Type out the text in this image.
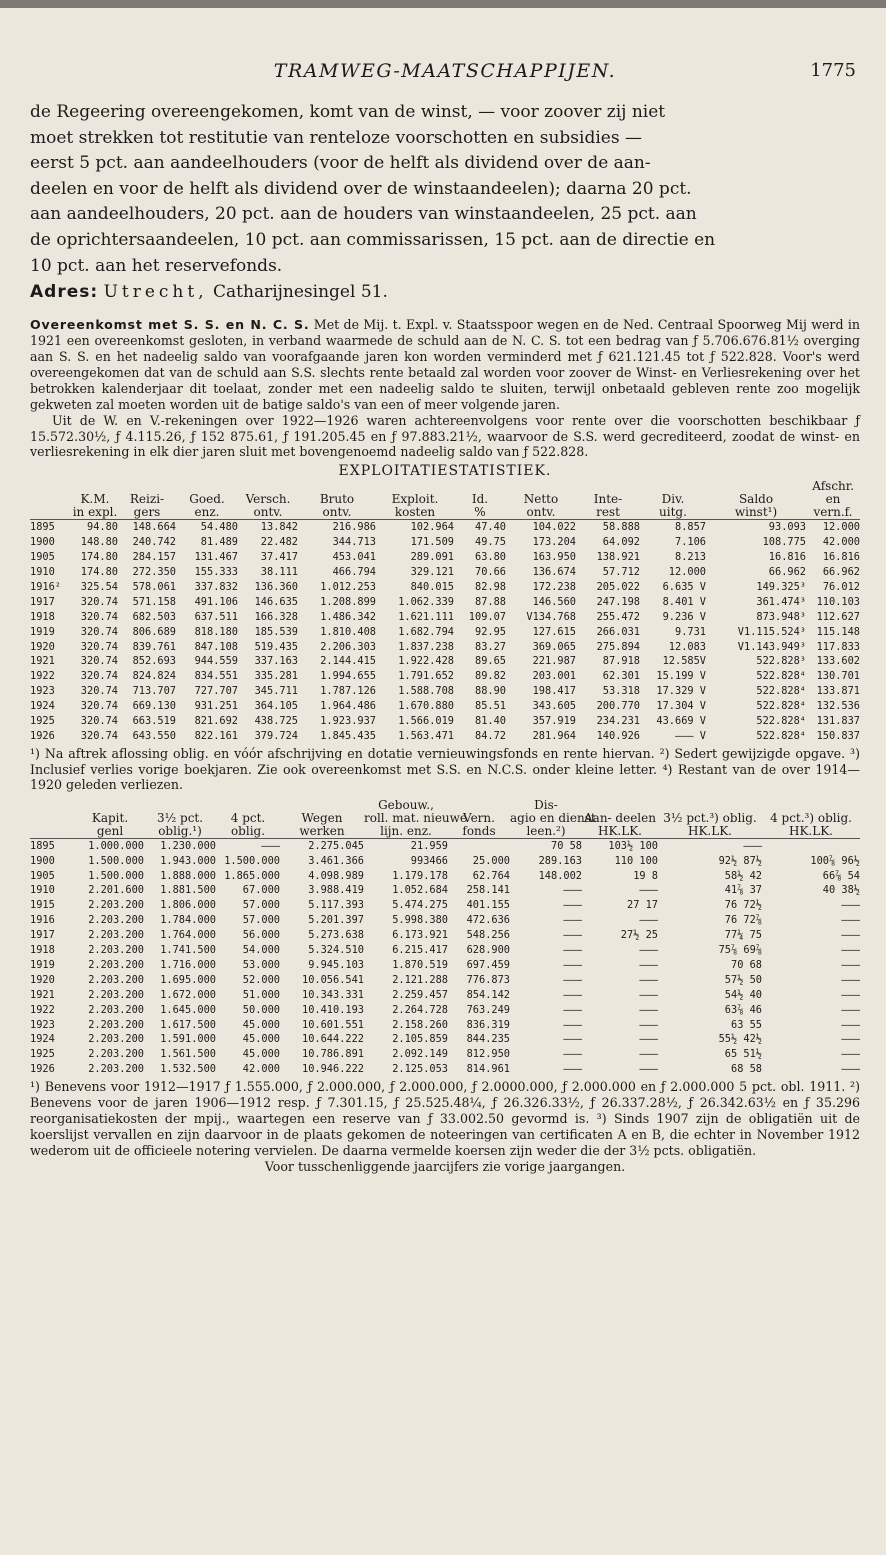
TRAMWEG-MAATSCHAPPIJEN.	1775

de Regeering overeengekomen, komt van de winst, — voor zoover zij niet

moet strekken tot restitutie van renteloze voorschotten en subsidies —

eerst 5 pct. aan aandeelhouders (voor de helft als dividend over de aan-

deelen en voor de helft als dividend over de winstaandeelen); daarna 20 pct.

aan aandeelhouders, 20 pct. aan de houders van winstaandeelen, 25 pct. aan

de oprichtersaandeelen, 10 pct. aan commissarissen, 15 pct. aan de directie en

10 pct. aan het reservefonds.

Adres: Utrecht, Catharijnesingel 51.

Overeenkomst met S. S. en N. C. S. Met de Mij. t. Expl. v. Staatsspoor wegen en de Ned. Centraal Spoorweg Mij werd in 1921 een overeenkomst gesloten, in verband waarmede de schuld aan de N. C. S. tot een bedrag van ƒ 5.706.676.81½ overging aan S. S. en het nadeelig saldo van voorafgaande jaren kon worden verminderd met ƒ 621.121.45 tot ƒ 522.828. Voor's werd overeengekomen dat van de schuld aan S.S. slechts rente betaald zal worden voor zoover de Winst- en Verliesrekening over het betrokken kalenderjaar dit toelaat, zonder met een nadeelig saldo te sluiten, terwijl onbetaald gebleven rente zoo mogelijk gekweten zal moeten worden uit de batige saldo's van een of meer volgende jaren.

Uit de W. en V.-rekeningen over 1922—1926 waren achtereenvolgens voor rente over die voorschotten beschikbaar ƒ 15.572.30½, ƒ 4.115.26, ƒ 152 875.61, ƒ 191.205.45 en ƒ 97.883.21½, waarvoor de S.S. werd gecrediteerd, zoodat de winst- en verliesrekening in elk dier jaren sluit met bovengenoemd nadeelig saldo van ƒ 522.828.

EXPLOITATIESTATISTIEK.
Afschr.												
	K.M.	Reizi-	Goed.	Versch.	Bruto	Exploit.	Id.	Netto	Inte-	Div.	Saldo	en
	in expl.	gers	enz.	ontv.	ontv.	kosten	%	ontv.	rest	uitg.	winst¹)	vern.f.
1895	94.80	148.664	54.480	13.842	216.986	102.964	47.40	104.022	58.888	8.857	93.093	12.000
1900	148.80	240.742	81.489	22.482	344.713	171.509	49.75	173.204	64.092	7.106	108.775	42.000
1905	174.80	284.157	131.467	37.417	453.041	289.091	63.80	163.950	138.921	8.213	16.816	16.816
1910	174.80	272.350	155.333	38.111	466.794	329.121	70.66	136.674	57.712	12.000	66.962	66.962
1916²	325.54	578.061	337.832	136.360	1.012.253	840.015	82.98	172.238	205.022	6.635 V	149.325³	76.012
1917	320.74	571.158	491.106	146.635	1.208.899	1.062.339	87.88	146.560	247.198	8.401 V	361.474³	110.103
1918	320.74	682.503	637.511	166.328	1.486.342	1.621.111	109.07	V134.768	255.472	9.236 V	873.948³	112.627
1919	320.74	806.689	818.180	185.539	1.810.408	1.682.794	92.95	127.615	266.031	9.731	V1.115.524³	115.148
1920	320.74	839.761	847.108	519.435	2.206.303	1.837.238	83.27	369.065	275.894	12.083	V1.143.949³	117.833
1921	320.74	852.693	944.559	337.163	2.144.415	1.922.428	89.65	221.987	87.918	12.585V	522.828³	133.602
1922	320.74	824.824	834.551	335.281	1.994.655	1.791.652	89.82	203.001	62.301	15.199 V	522.828⁴	130.701
1923	320.74	713.707	727.707	345.711	1.787.126	1.588.708	88.90	198.417	53.318	17.329 V	522.828⁴	133.871
1924	320.74	669.130	931.251	364.105	1.964.486	1.670.880	85.51	343.605	200.770	17.304 V	522.828⁴	132.536
1925	320.74	663.519	821.692	438.725	1.923.937	1.566.019	81.40	357.919	234.231	43.669 V	522.828⁴	131.837
1926	320.74	643.550	822.161	379.724	1.845.435	1.563.471	84.72	281.964	140.926	——— V	522.828⁴	150.837

¹) Na aftrek aflossing oblig. en vóór afschrijving en dotatie vernieuwingsfonds en rente hiervan. ²) Sedert gewijzigde opgave. ³) Inclusief verlies vorige boekjaren. Zie ook overeenkomst met S.S. en N.C.S. onder kleine letter. ⁴) Restant van de over 1914—1920 geleden verliezen.

					Gebouw.,		Dis-			
	Kapit.	3½ pct.	4 pct.	Wegen	roll. mat. nieuwe	Vern.	agio en dienst	Aan- deelen	3½ pct.³) oblig.	4 pct.³) oblig.
	genl	oblig.¹)	oblig.	werken	lijn. enz.	fonds	leen.²)	HK.LK.	HK.LK.	HK.LK.
1895	1.000.000	1.230.000	———	2.275.045	21.959		70 58	103½ 100	———	
1900	1.500.000	1.943.000	1.500.000	3.461.366	993466	25.000	289.163	110 100	92½ 87½	100⅞ 96½
1905	1.500.000	1.888.000	1.865.000	4.098.989	1.179.178	62.764	148.002	19 8	58½ 42	66⅞ 54
1910	2.201.600	1.881.500	67.000	3.988.419	1.052.684	258.141	———	———	41⅞ 37	40 38½
1915	2.203.200	1.806.000	57.000	5.117.393	5.474.275	401.155	———	27 17	76 72½	———
1916	2.203.200	1.784.000	57.000	5.201.397	5.998.380	472.636	———	———	76 72⅞	———
1917	2.203.200	1.764.000	56.000	5.273.638	6.173.921	548.256	———	27½ 25	77¼ 75	———
1918	2.203.200	1.741.500	54.000	5.324.510	6.215.417	628.900	———	———	75⅞ 69⅞	———
1919	2.203.200	1.716.000	53.000	9.945.103	1.870.519	697.459	———	———	70 68	———
1920	2.203.200	1.695.000	52.000	10.056.541	2.121.288	776.873	———	———	57½ 50	———
1921	2.203.200	1.672.000	51.000	10.343.331	2.259.457	854.142	———	———	54½ 40	———
1922	2.203.200	1.645.000	50.000	10.410.193	2.264.728	763.249	———	———	63⅞ 46	———
1923	2.203.200	1.617.500	45.000	10.601.551	2.158.260	836.319	———	———	63 55	———
1924	2.203.200	1.591.000	45.000	10.644.222	2.105.859	844.235	———	———	55½ 42½	———
1925	2.203.200	1.561.500	45.000	10.786.891	2.092.149	812.950	———	———	65 51½	———
1926	2.203.200	1.532.500	42.000	10.946.222	2.125.053	814.961	———	———	68 58	———

¹) Benevens voor 1912—1917 ƒ 1.555.000, ƒ 2.000.000, ƒ 2.000.000, ƒ 2.0000.000, ƒ 2.000.000 en ƒ 2.000.000 5 pct. obl. 1911. ²) Benevens voor de jaren 1906—1912 resp. ƒ 7.301.15, ƒ 25.525.48¼, ƒ 26.326.33½, ƒ 26.337.28½, ƒ 26.342.63½ en ƒ 35.296 reorganisatiekosten der mpij., waartegen een reserve van ƒ 33.002.50 gevormd is. ³) Sinds 1907 zijn de obligatiën uit de koerslijst vervallen en zijn daarvoor in de plaats gekomen de noteeringen van certificaten A en B, die echter in November 1912 wederom uit de officieele notering vervielen. De daarna vermelde koersen zijn weder die der 3½ pcts. obligatiën.

Voor tusschenliggende jaarcijfers zie vorige jaargangen.
